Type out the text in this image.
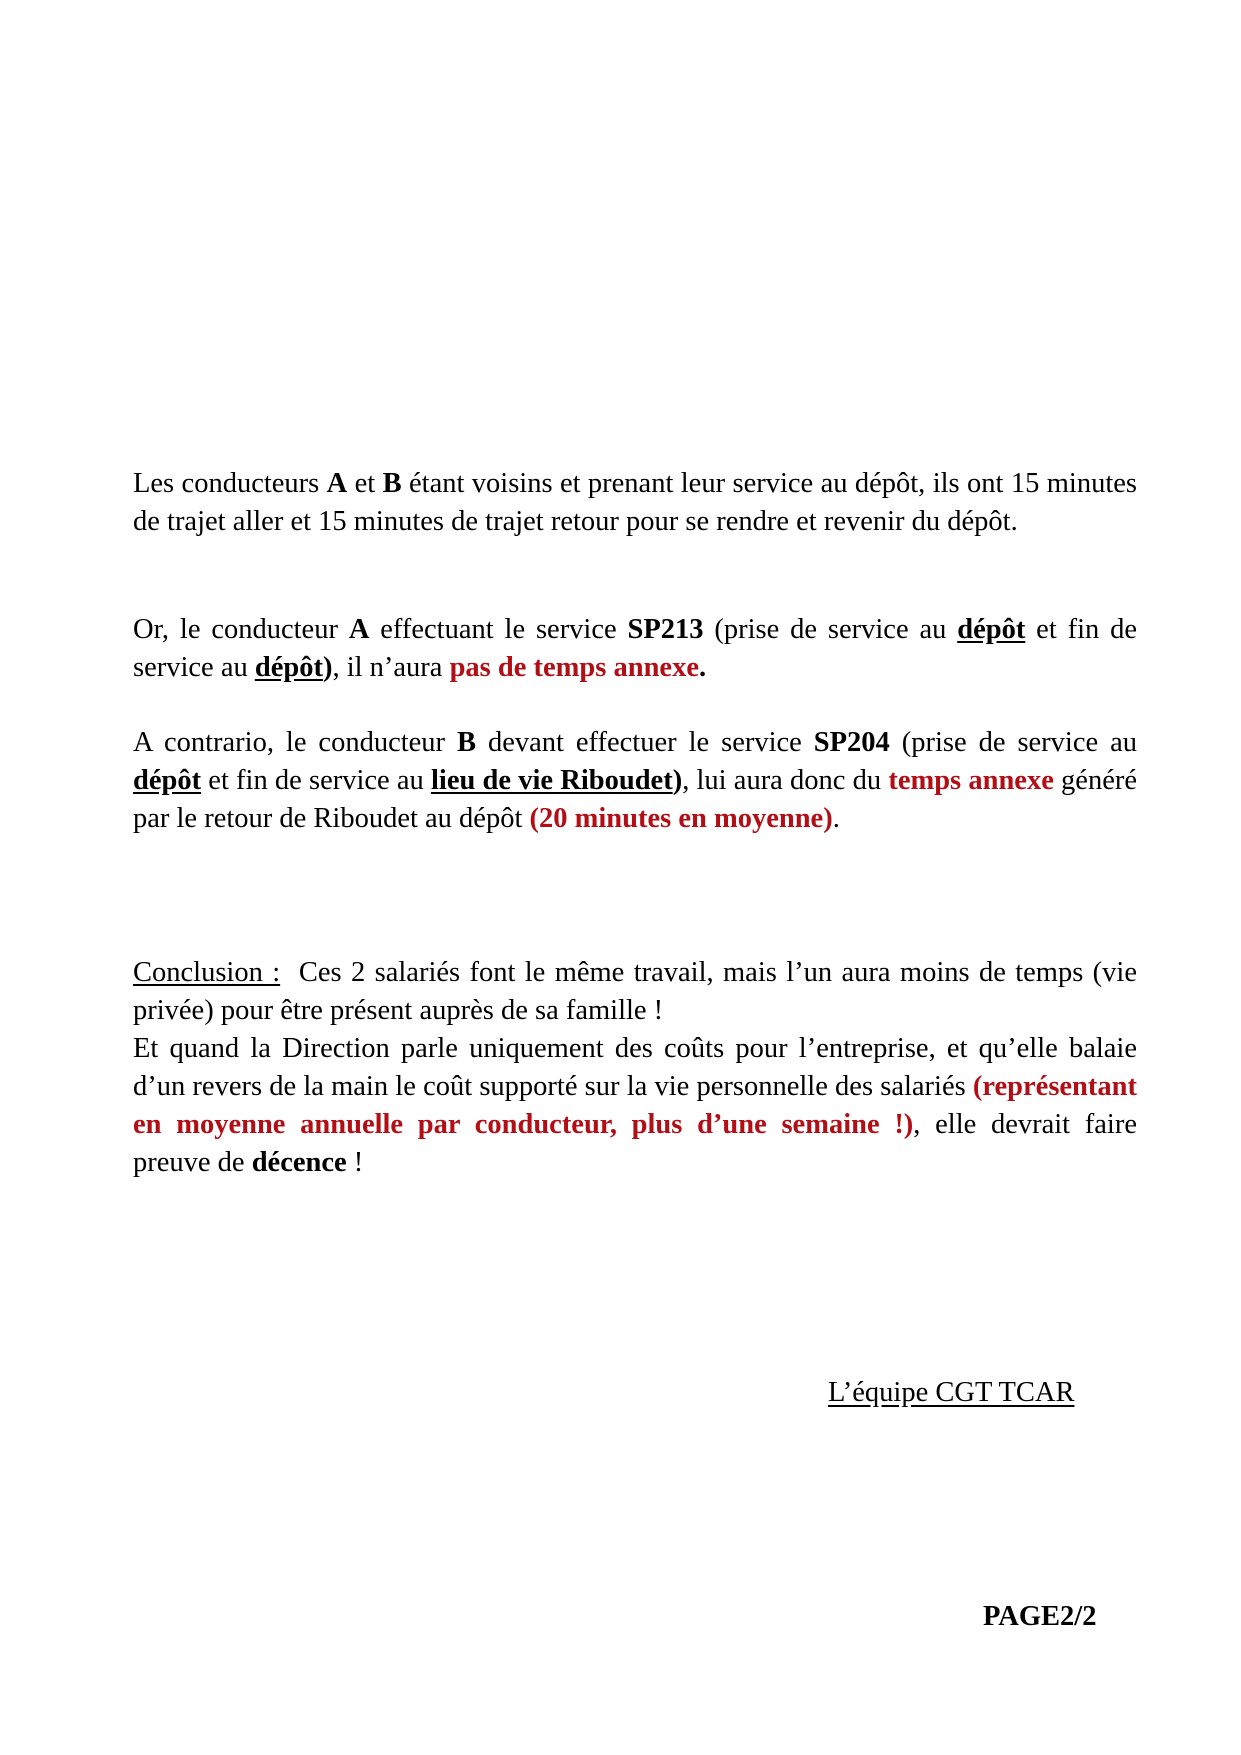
Les conducteurs A et B étant voisins et prenant leur service au dépôt, ils ont 15 minutes de trajet aller et 15 minutes de trajet retour pour se rendre et revenir du dépôt.

Or, le conducteur A effectuant le service SP213 (prise de service au dépôt et fin de service au dépôt), il n’aura pas de temps annexe.

A contrario, le conducteur B devant effectuer le service SP204 (prise de service au dépôt et fin de service au lieu de vie Riboudet), lui aura donc du temps annexe généré par le retour de Riboudet au dépôt (20 minutes en moyenne).

Conclusion :  Ces 2 salariés font le même travail, mais l’un aura moins de temps (vie privée) pour être présent auprès de sa famille !

Et quand la Direction parle uniquement des coûts pour l’entreprise, et qu’elle balaie d’un revers de la main le coût supporté sur la vie personnelle des salariés (représentant en moyenne annuelle par conducteur, plus d’une semaine !), elle devrait faire preuve de décence !

L’équipe CGT TCAR
PAGE2/2
